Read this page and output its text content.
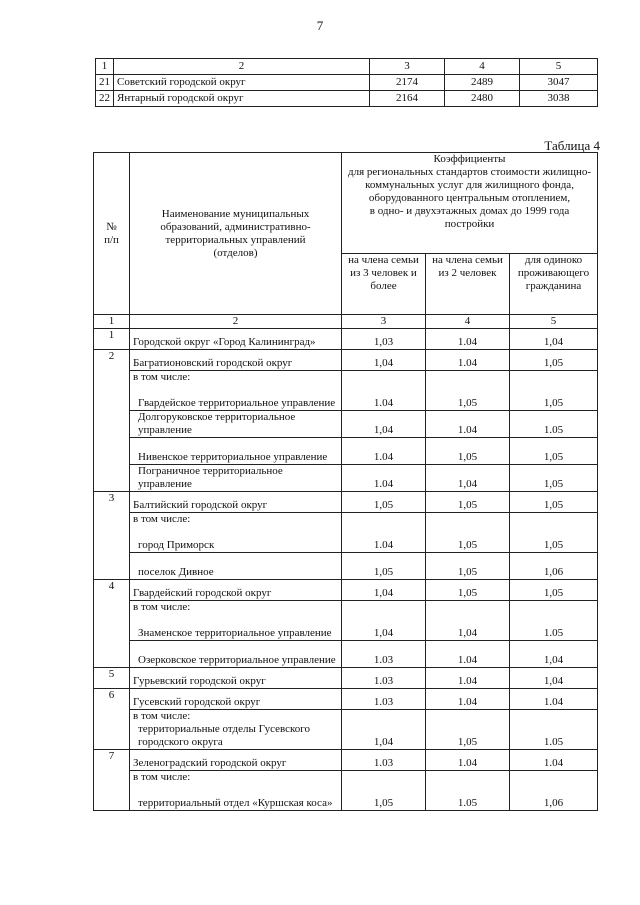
7
1	2	3	4	5
21	Советский городской округ	2174	2489	3047
22	Янтарный городской округ	2164	2480	3038
Таблица 4
№
п/п	Наименование муниципальных образований, административно-территориальных управлений (отделов)	Коэффициенты
для региональных стандартов стоимости жилищно-коммунальных услуг для жилищного фонда, оборудованного центральным отоплением,
в одно- и двухэтажных домах до 1999 года постройки		
		на члена семьи из 3 человек и более	на члена семьи из 2 человек	для одиноко проживающего гражданина
1	2	3	4	5
1	Городской округ «Город Калининград»	1,03	1.04	1,04
2	Багратионовский городской округ	1,04	1.04	1,05
	в том числе:			
	Гвардейское территориальное управление	1.04	1,05	1,05
	Долгоруковское территориальное управление	1,04	1.04	1.05
	Нивенское территориальное управление	1.04	1,05	1,05
	Пограничное территориальное управление	1.04	1,04	1,05
3	Балтийский городской округ	1,05	1,05	1,05
	в том числе:			
	город Приморск	1.04	1,05	1,05
	поселок Дивное	1,05	1,05	1,06
4	Гвардейский городской округ	1,04	1,05	1,05
	в том числе:			
	Знаменское территориальное управление	1,04	1,04	1.05
	Озерковское территориальное управление	1.03	1.04	1,04
5	Гурьевский городской округ	1.03	1.04	1,04
6	Гусевский городской округ	1.03	1.04	1.04
	в том числе:			
	территориальные отделы Гусевского городского округа	1,04	1,05	1.05
7	Зеленоградский городской округ	1.03	1.04	1.04
	в том числе:			
	территориальный отдел «Куршская коса»	1,05	1.05	1,06
